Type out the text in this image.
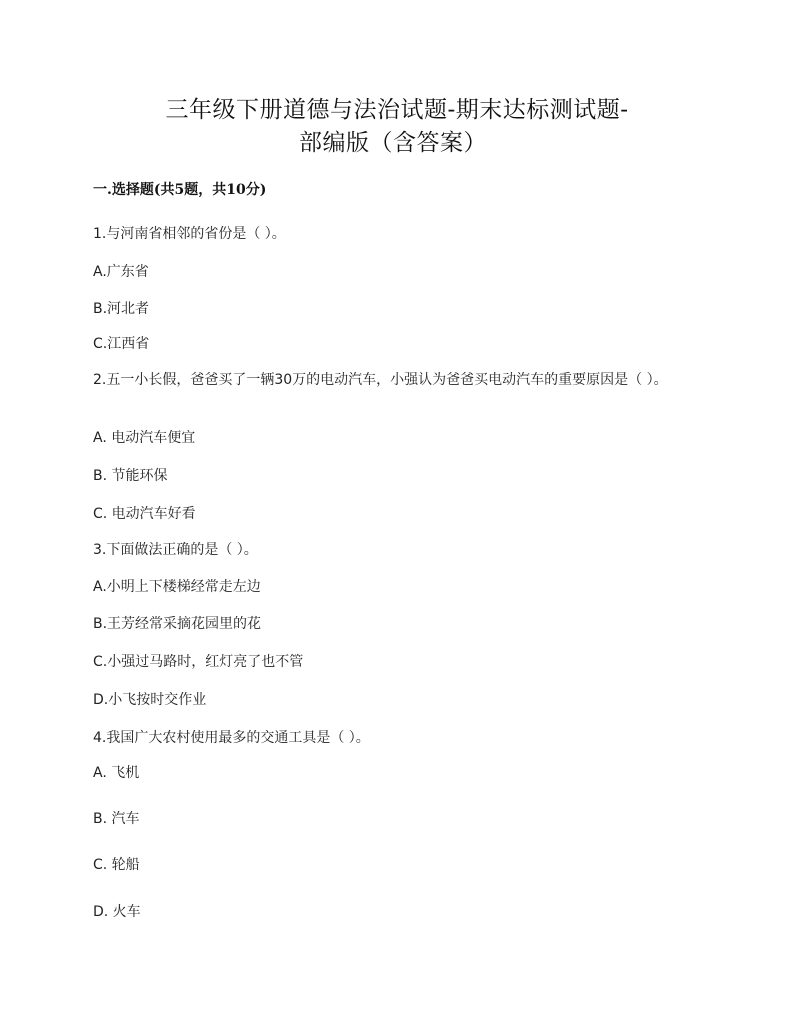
三年级下册道德与法治试题-期末达标测试题-
部编版（含答案）
一.选择题(共5题，共10分)
1.与河南省相邻的省份是（ ）。
A.广东省
B.河北者
C.江西省
2.五一小长假，爸爸买了一辆30万的电动汽车，小强认为爸爸买电动汽车的重要原因是（ ）。
A. 电动汽车便宜
B. 节能环保
C. 电动汽车好看
3.下面做法正确的是（ ）。
A.小明上下楼梯经常走左边
B.王芳经常采摘花园里的花
C.小强过马路时，红灯亮了也不管
D.小飞按时交作业
4.我国广大农村使用最多的交通工具是（ ）。
A. 飞机
B. 汽车
C. 轮船
D. 火车
